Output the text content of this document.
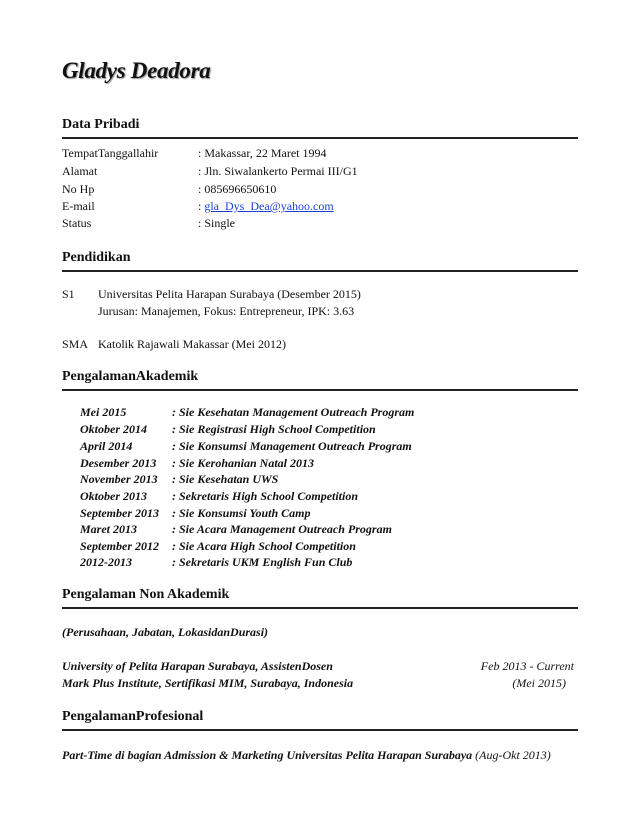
Gladys Deadora
Data Pribadi
TempatTanggallahir	: Makassar, 22 Maret 1994
Alamat	: Jln. Siwalankerto Permai III/G1
No Hp	: 085696650610
E-mail	: gla_Dys_Dea@yahoo.com
Status	: Single
Pendidikan
S1 Universitas Pelita Harapan Surabaya (Desember 2015)
Jurusan: Manajemen, Fokus: Entrepreneur, IPK: 3.63
SMA Katolik Rajawali Makassar (Mei 2012)
PengalamanAkademik
Mei 2015	: Sie Kesehatan Management Outreach Program
Oktober 2014 : Sie Registrasi High School Competition
April 2014	: Sie Konsumsi Management Outreach Program
Desember 2013 : Sie Kerohanian Natal 2013
November 2013 : Sie Kesehatan UWS
Oktober 2013 : Sekretaris High School Competition
September 2013 : Sie Konsumsi Youth Camp
Maret 2013	: Sie Acara Management Outreach Program
September 2012 : Sie Acara High School Competition
2012-2013	: Sekretaris UKM English Fun Club
Pengalaman Non Akademik
(Perusahaan, Jabatan, LokasidanDurasi)
University of Pelita Harapan Surabaya, AssistenDosen	Feb 2013 - Current
Mark Plus Institute, Sertifikasi MIM, Surabaya, Indonesia	(Mei 2015)
PengalamanProfesional
Part-Time di bagian Admission & Marketing Universitas Pelita Harapan Surabaya (Aug-Okt 2013)
